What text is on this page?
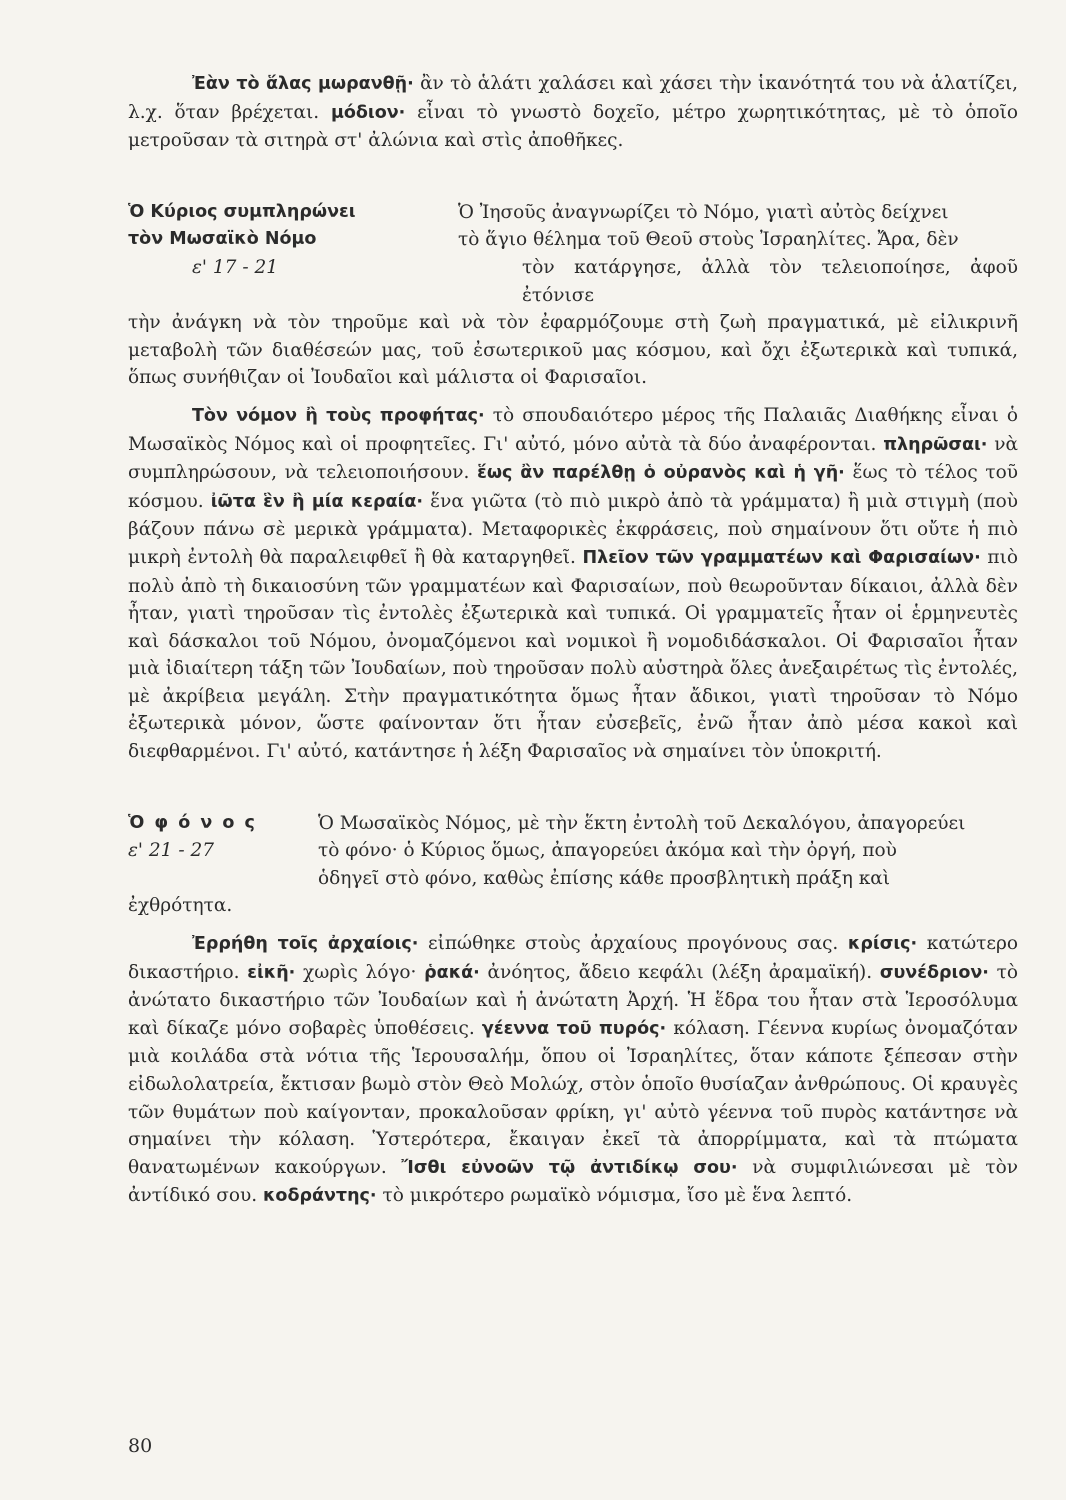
Ἐὰν τὸ ἅλας μωρανθῇ· ἂν τὸ ἁλάτι χαλάσει καὶ χάσει τὴν ἱκανότητά του νὰ ἁλατίζει, λ.χ. ὅταν βρέχεται. μόδιον· εἶναι τὸ γνωστὸ δοχεῖο, μέτρο χωρητικότητας, μὲ τὸ ὁποῖο μετροῦσαν τὰ σιτηρὰ στ' ἀλώνια καὶ στὶς ἀποθῆκες.

Ὁ Κύριος συμπληρώνει	Ὁ Ἰησοῦς ἀναγνωρίζει τὸ Νόμο, γιατὶ αὐτὸς δείχνει
τὸν Μωσαϊκὸ Νόμο	τὸ ἅγιο θέλημα τοῦ Θεοῦ στοὺς Ἰσραηλίτες. Ἄρα, δὲν
ε' 17 - 21	τὸν κατάργησε, ἀλλὰ τὸν τελειοποίησε, ἀφοῦ ἐτόνισε

τὴν ἀνάγκη νὰ τὸν τηροῦμε καὶ νὰ τὸν ἐφαρμόζουμε στὴ ζωὴ πραγματικά, μὲ εἰλικρινῆ μεταβολὴ τῶν διαθέσεών μας, τοῦ ἐσωτερικοῦ μας κόσμου, καὶ ὄχι ἐξωτερικὰ καὶ τυπικά, ὅπως συνήθιζαν οἱ Ἰουδαῖοι καὶ μάλιστα οἱ Φαρισαῖοι.

Τὸν νόμον ἢ τοὺς προφήτας· τὸ σπουδαιότερο μέρος τῆς Παλαιᾶς Διαθήκης εἶναι ὁ Μωσαϊκὸς Νόμος καὶ οἱ προφητεῖες. Γι' αὐτό, μόνο αὐτὰ τὰ δύο ἀναφέρονται. πληρῶσαι· νὰ συμπληρώσουν, νὰ τελειοποιήσουν. ἕως ἂν παρέλθῃ ὁ οὐρανὸς καὶ ἡ γῆ· ἕως τὸ τέλος τοῦ κόσμου. ἰῶτα ἓν ἢ μία κεραία· ἕνα γιῶτα (τὸ πιὸ μικρὸ ἀπὸ τὰ γράμματα) ἢ μιὰ στιγμὴ (ποὺ βάζουν πάνω σὲ μερικὰ γράμματα). Μεταφορικὲς ἐκφράσεις, ποὺ σημαίνουν ὅτι οὔτε ἡ πιὸ μικρὴ ἐντολὴ θὰ παραλειφθεῖ ἢ θὰ καταργηθεῖ. Πλεῖον τῶν γραμματέων καὶ Φαρισαίων· πιὸ πολὺ ἀπὸ τὴ δικαιοσύνη τῶν γραμματέων καὶ Φαρισαίων, ποὺ θεωροῦνταν δίκαιοι, ἀλλὰ δὲν ἦταν, γιατὶ τηροῦσαν τὶς ἐντολὲς ἐξωτερικὰ καὶ τυπικά. Οἱ γραμματεῖς ἦταν οἱ ἑρμηνευτὲς καὶ δάσκαλοι τοῦ Νόμου, ὀνομαζόμενοι καὶ νομικοὶ ἢ νομοδιδάσκαλοι. Οἱ Φαρισαῖοι ἦταν μιὰ ἰδιαίτερη τάξη τῶν Ἰουδαίων, ποὺ τηροῦσαν πολὺ αὐστηρὰ ὅλες ἀνεξαιρέτως τὶς ἐντολές, μὲ ἀκρίβεια μεγάλη. Στὴν πραγματικότητα ὅμως ἦταν ἄδικοι, γιατὶ τηροῦσαν τὸ Νόμο ἐξωτερικὰ μόνον, ὥστε φαίνονταν ὅτι ἦταν εὐσεβεῖς, ἐνῶ ἦταν ἀπὸ μέσα κακοὶ καὶ διεφθαρμένοι. Γι' αὐτό, κατάντησε ἡ λέξη Φαρισαῖος νὰ σημαίνει τὸν ὑποκριτή.

Ὁ φ ό ν ο ς	Ὁ Μωσαϊκὸς Νόμος, μὲ τὴν ἕκτη ἐντολὴ τοῦ Δεκαλόγου, ἀπαγορεύει
ε' 21 - 27	τὸ φόνο· ὁ Κύριος ὅμως, ἀπαγορεύει ἀκόμα καὶ τὴν ὀργή, ποὺ
ὁδηγεῖ στὸ φόνο, καθὼς ἐπίσης κάθε προσβλητικὴ πράξη καὶ

ἐχθρότητα.

Ἐρρήθη τοῖς ἀρχαίοις· εἰπώθηκε στοὺς ἀρχαίους προγόνους σας. κρίσις· κατώτερο δικαστήριο. εἰκῆ· χωρὶς λόγο· ῥακά· ἀνόητος, ἄδειο κεφάλι (λέξη ἀραμαϊκή). συνέδριον· τὸ ἀνώτατο δικαστήριο τῶν Ἰουδαίων καὶ ἡ ἀνώτατη Ἀρχή. Ἡ ἕδρα του ἦταν στὰ Ἱεροσόλυμα καὶ δίκαζε μόνο σοβαρὲς ὑποθέσεις. γέεννα τοῦ πυρός· κόλαση. Γέεννα κυρίως ὀνομαζόταν μιὰ κοιλάδα στὰ νότια τῆς Ἱερουσαλήμ, ὅπου οἱ Ἰσραηλίτες, ὅταν κάποτε ξέπεσαν στὴν εἰδωλολατρεία, ἔκτισαν βωμὸ στὸν Θεὸ Μολώχ, στὸν ὁποῖο θυσίαζαν ἀνθρώπους. Οἱ κραυγὲς τῶν θυμάτων ποὺ καίγονταν, προκαλοῦσαν φρίκη, γι' αὐτὸ γέεννα τοῦ πυρὸς κατάντησε νὰ σημαίνει τὴν κόλαση. Ὑστερότερα, ἔκαιγαν ἐκεῖ τὰ ἀπορρίμματα, καὶ τὰ πτώματα θανατωμένων κακούργων. Ἴσθι εὐνοῶν τῷ ἀντιδίκῳ σου· νὰ συμφιλιώνεσαι μὲ τὸν ἀντίδικό σου. κοδράντης· τὸ μικρότερο ρωμαϊκὸ νόμισμα, ἴσο μὲ ἕνα λεπτό.

80
